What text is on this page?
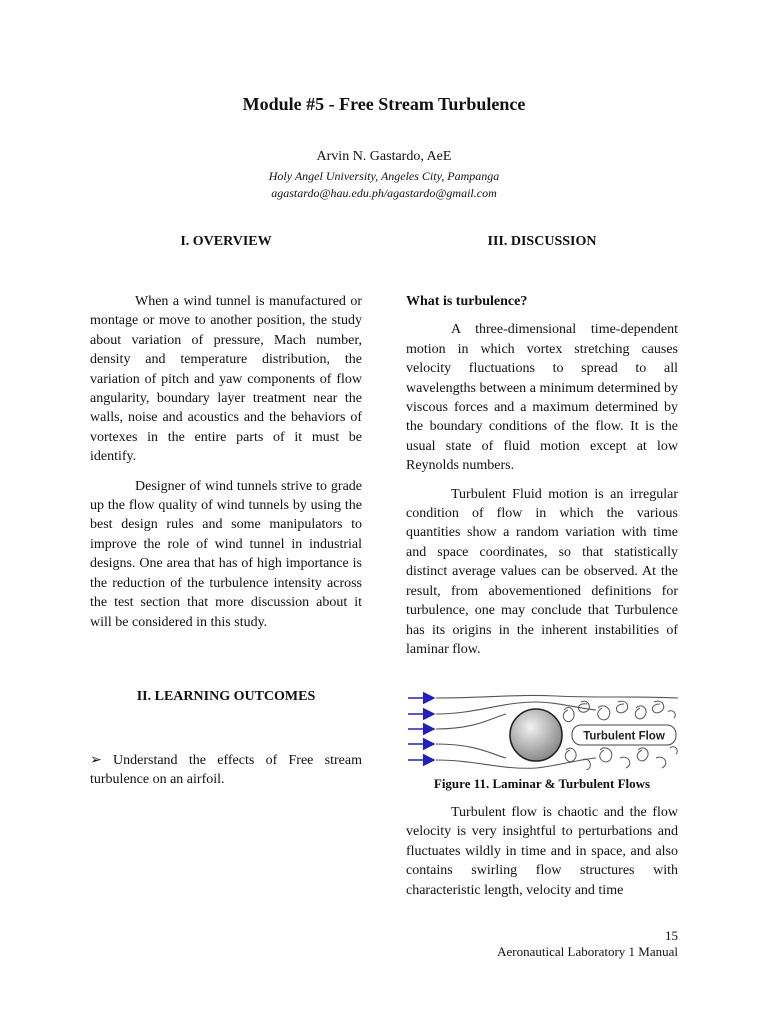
Module #5 - Free Stream Turbulence
Arvin N. Gastardo, AeE
Holy Angel University, Angeles City, Pampanga
agastardo@hau.edu.ph/agastardo@gmail.com
I. OVERVIEW

When a wind tunnel is manufactured or montage or move to another position, the study about variation of pressure, Mach number, density and temperature distribution, the variation of pitch and yaw components of flow angularity, boundary layer treatment near the walls, noise and acoustics and the behaviors of vortexes in the entire parts of it must be identify.

Designer of wind tunnels strive to grade up the flow quality of wind tunnels by using the best design rules and some manipulators to improve the role of wind tunnel in industrial designs. One area that has of high importance is the reduction of the turbulence intensity across the test section that more discussion about it will be considered in this study.

II. LEARNING OUTCOMES

➢ Understand the effects of Free stream turbulence on an airfoil.

III. DISCUSSION

What is turbulence?

A three-dimensional time-dependent motion in which vortex stretching causes velocity fluctuations to spread to all wavelengths between a minimum determined by viscous forces and a maximum determined by the boundary conditions of the flow. It is the usual state of fluid motion except at low Reynolds numbers.

Turbulent Fluid motion is an irregular condition of flow in which the various quantities show a random variation with time and space coordinates, so that statistically distinct average values can be observed. At the result, from abovementioned definitions for turbulence, one may conclude that Turbulence has its origins in the inherent instabilities of laminar flow.

Turbulent Flow
Figure 11. Laminar & Turbulent Flows

Turbulent flow is chaotic and the flow velocity is very insightful to perturbations and fluctuates wildly in time and in space, and also contains swirling flow structures with characteristic length, velocity and time

15
Aeronautical Laboratory 1 Manual
